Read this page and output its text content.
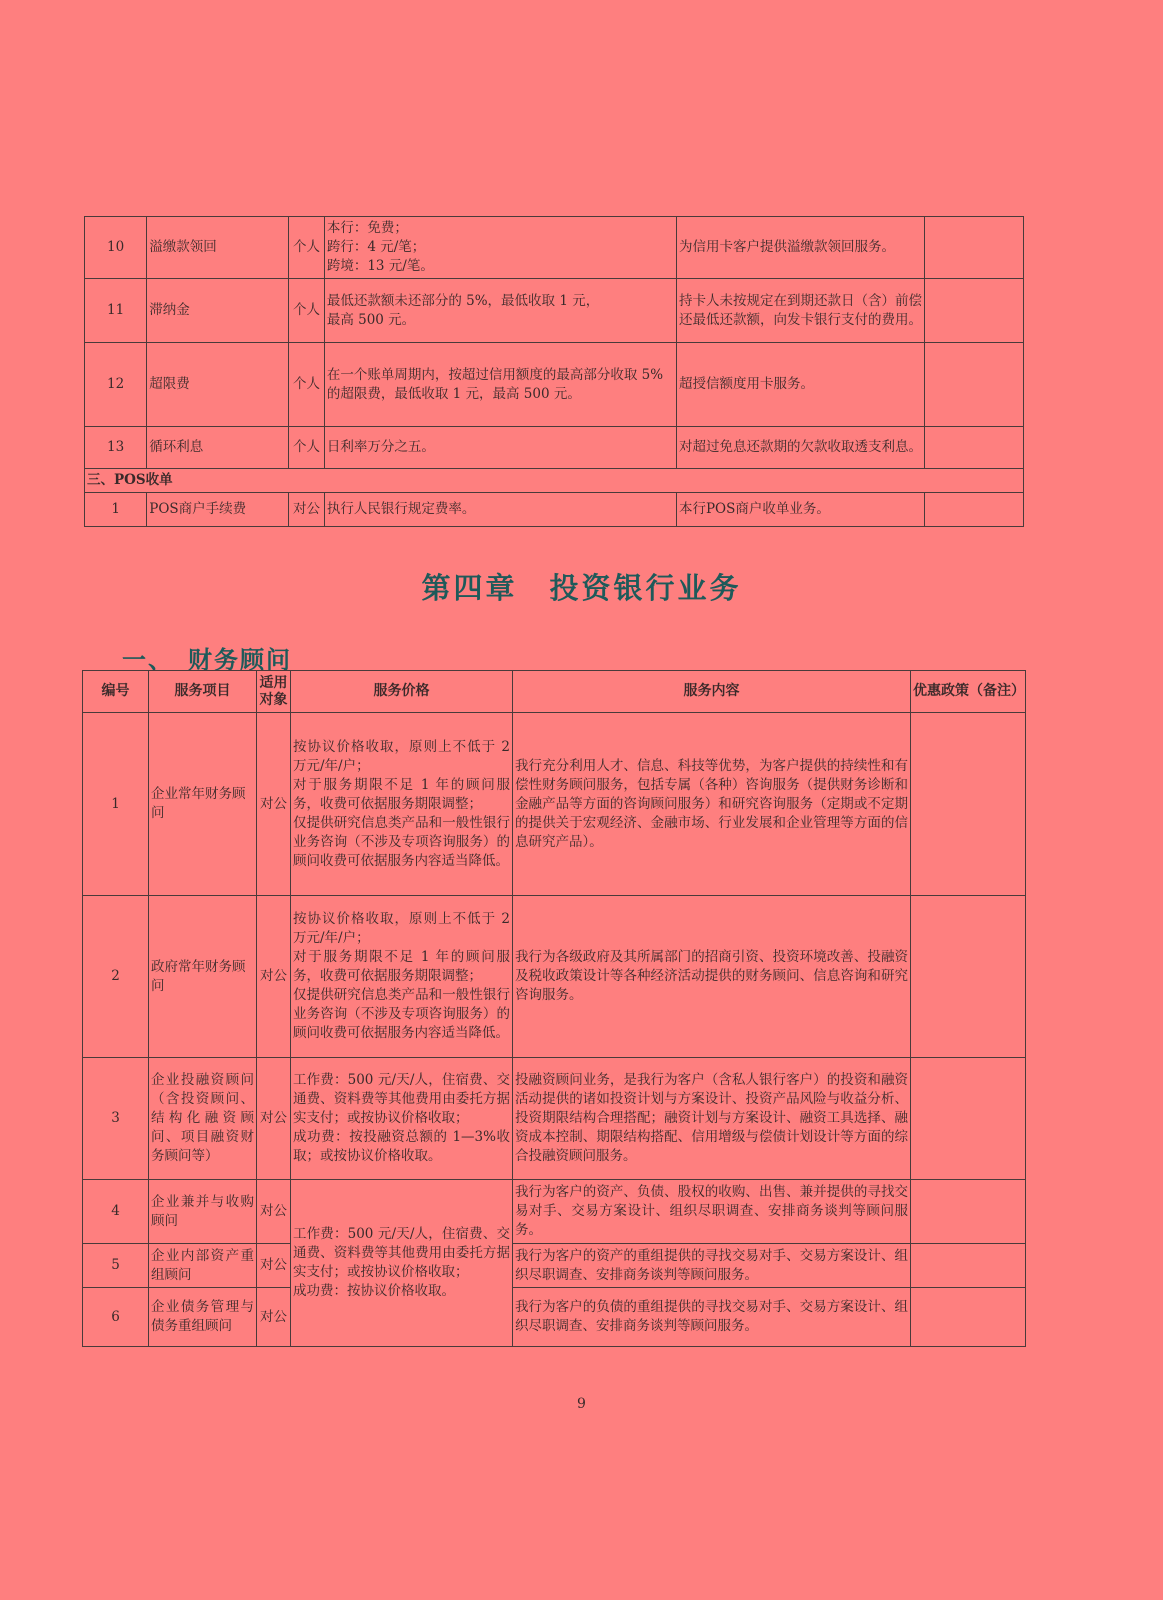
10	溢缴款领回	个人	本行：免费；
跨行：4 元/笔；
跨境：13 元/笔。	为信用卡客户提供溢缴款领回服务。	
11	滞纳金	个人	最低还款额未还部分的 5%，最低收取 1 元，
最高 500 元。	持卡人未按规定在到期还款日（含）前偿还最低还款额，向发卡银行支付的费用。	
12	超限费	个人	在一个账单周期内，按超过信用额度的最高部分收取 5%的超限费，最低收取 1 元，最高 500 元。	超授信额度用卡服务。	
13	循环利息	个人	日利率万分之五。	对超过免息还款期的欠款收取透支利息。	
三、POS收单					
1	POS商户手续费	对公	执行人民银行规定费率。	本行POS商户收单业务。	
第四章　投资银行业务
一、　财务顾问
编号	服务项目	适用对象	服务价格	服务内容	优惠政策（备注）
1	企业常年财务顾问	对公	按协议价格收取，原则上不低于 2 万元/年/户；
对于服务期限不足 1 年的顾问服务，收费可依据服务期限调整；
仅提供研究信息类产品和一般性银行业务咨询（不涉及专项咨询服务）的顾问收费可依据服务内容适当降低。	我行充分利用人才、信息、科技等优势，为客户提供的持续性和有偿性财务顾问服务，包括专属（各种）咨询服务（提供财务诊断和金融产品等方面的咨询顾问服务）和研究咨询服务（定期或不定期的提供关于宏观经济、金融市场、行业发展和企业管理等方面的信息研究产品）。	
2	政府常年财务顾问	对公	按协议价格收取，原则上不低于 2 万元/年/户；
对于服务期限不足 1 年的顾问服务，收费可依据服务期限调整；
仅提供研究信息类产品和一般性银行业务咨询（不涉及专项咨询服务）的顾问收费可依据服务内容适当降低。	我行为各级政府及其所属部门的招商引资、投资环境改善、投融资及税收政策设计等各种经济活动提供的财务顾问、信息咨询和研究咨询服务。	
3	企业投融资顾问（含投资顾问、结构化融资顾问、项目融资财务顾问等）	对公	工作费：500 元/天/人，住宿费、交通费、资料费等其他费用由委托方据实支付；或按协议价格收取；
成功费：按投融资总额的 1—3%收取；或按协议价格收取。	投融资顾问业务，是我行为客户（含私人银行客户）的投资和融资活动提供的诸如投资计划与方案设计、投资产品风险与收益分析、投资期限结构合理搭配；融资计划与方案设计、融资工具选择、融资成本控制、期限结构搭配、信用增级与偿债计划设计等方面的综合投融资顾问服务。	
4	企业兼并与收购顾问	对公	工作费：500 元/天/人，住宿费、交通费、资料费等其他费用由委托方据实支付；或按协议价格收取；
成功费：按协议价格收取。	我行为客户的资产、负债、股权的收购、出售、兼并提供的寻找交易对手、交易方案设计、组织尽职调查、安排商务谈判等顾问服务。	
5	企业内部资产重组顾问	对公		我行为客户的资产的重组提供的寻找交易对手、交易方案设计、组织尽职调查、安排商务谈判等顾问服务。	
6	企业债务管理与债务重组顾问	对公		我行为客户的负债的重组提供的寻找交易对手、交易方案设计、组织尽职调查、安排商务谈判等顾问服务。	
9
